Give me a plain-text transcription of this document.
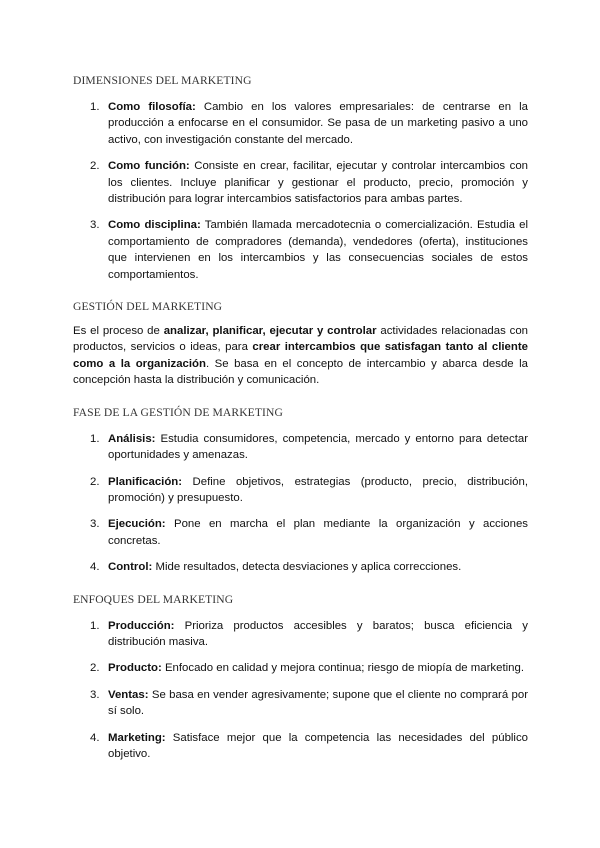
DIMENSIONES DEL MARKETING
1. Como filosofía: Cambio en los valores empresariales: de centrarse en la producción a enfocarse en el consumidor. Se pasa de un marketing pasivo a uno activo, con investigación constante del mercado.
2. Como función: Consiste en crear, facilitar, ejecutar y controlar intercambios con los clientes. Incluye planificar y gestionar el producto, precio, promoción y distribución para lograr intercambios satisfactorios para ambas partes.
3. Como disciplina: También llamada mercadotecnia o comercialización. Estudia el comportamiento de compradores (demanda), vendedores (oferta), instituciones que intervienen en los intercambios y las consecuencias sociales de estos comportamientos.
GESTIÓN DEL MARKETING

Es el proceso de analizar, planificar, ejecutar y controlar actividades relacionadas con productos, servicios o ideas, para crear intercambios que satisfagan tanto al cliente como a la organización. Se basa en el concepto de intercambio y abarca desde la concepción hasta la distribución y comunicación.

FASE DE LA GESTIÓN DE MARKETING
1. Análisis: Estudia consumidores, competencia, mercado y entorno para detectar oportunidades y amenazas.
2. Planificación: Define objetivos, estrategias (producto, precio, distribución, promoción) y presupuesto.
3. Ejecución: Pone en marcha el plan mediante la organización y acciones concretas.
4. Control: Mide resultados, detecta desviaciones y aplica correcciones.
ENFOQUES DEL MARKETING
1. Producción: Prioriza productos accesibles y baratos; busca eficiencia y distribución masiva.
2. Producto: Enfocado en calidad y mejora continua; riesgo de miopía de marketing.
3. Ventas: Se basa en vender agresivamente; supone que el cliente no comprará por sí solo.
4. Marketing: Satisface mejor que la competencia las necesidades del público objetivo.
